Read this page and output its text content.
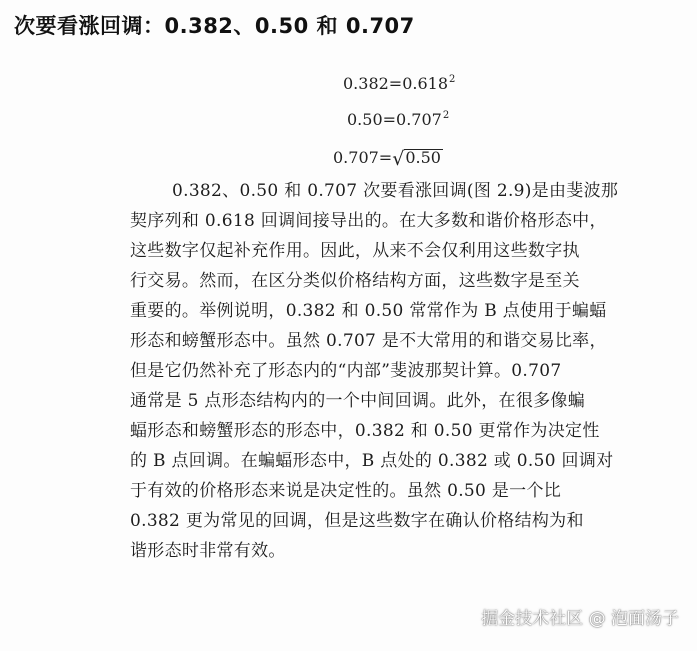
次要看涨回调：0.382、0.50 和 0.707
$0.382=0.618^2$
$0.50=0.707^2$
0.707=√0.50
0.382、0.50 和 0.707 次要看涨回调(图 2.9)是由斐波那
契序列和 0.618 回调间接导出的。在大多数和谐价格形态中，
这些数字仅起补充作用。因此，从来不会仅利用这些数字执
行交易。然而，在区分类似价格结构方面，这些数字是至关
重要的。举例说明，0.382 和 0.50 常常作为 B 点使用于蝙蝠
形态和螃蟹形态中。虽然 0.707 是不大常用的和谐交易比率，
但是它仍然补充了形态内的“内部”斐波那契计算。0.707
通常是 5 点形态结构内的一个中间回调。此外，在很多像蝙
蝠形态和螃蟹形态的形态中，0.382 和 0.50 更常作为决定性
的 B 点回调。在蝙蝠形态中，B 点处的 0.382 或 0.50 回调对
于有效的价格形态来说是决定性的。虽然 0.50 是一个比
0.382 更为常见的回调，但是这些数字在确认价格结构为和
谐形态时非常有效。
掘金技术社区 @ 泡面汤子
